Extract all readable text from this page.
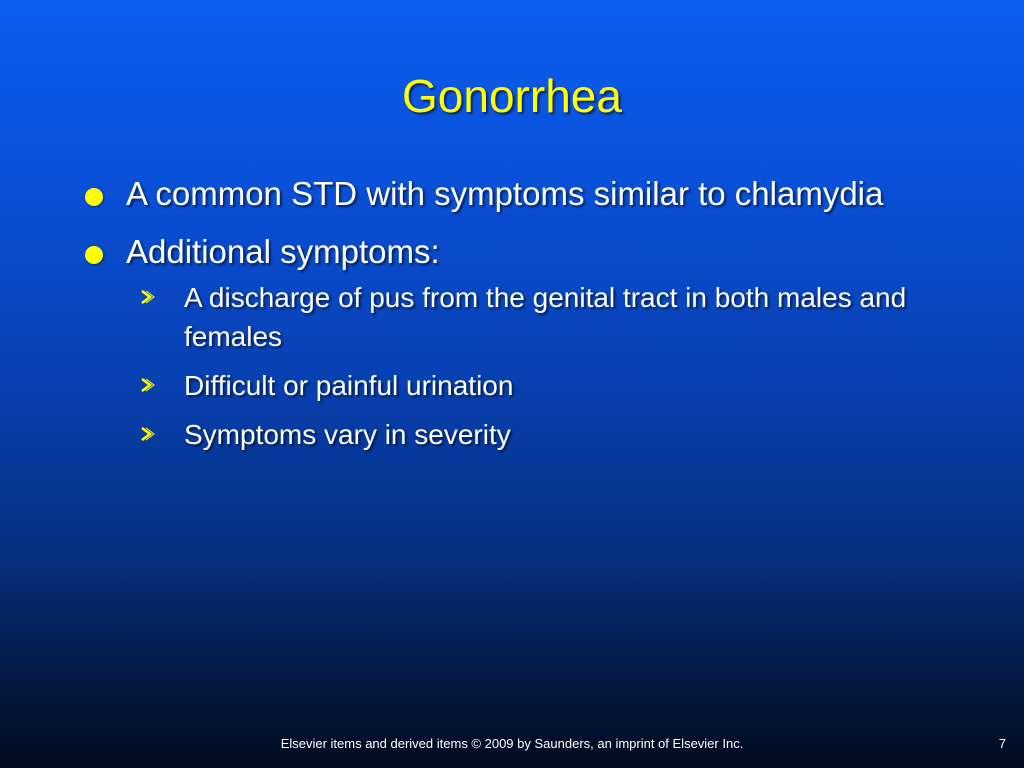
Gonorrhea
A common STD with symptoms similar to chlamydia
Additional symptoms:
A discharge of pus from the genital tract in both males and females
Difficult or painful urination
Symptoms vary in severity
Elsevier items and derived items © 2009 by Saunders, an imprint of Elsevier Inc.	7
